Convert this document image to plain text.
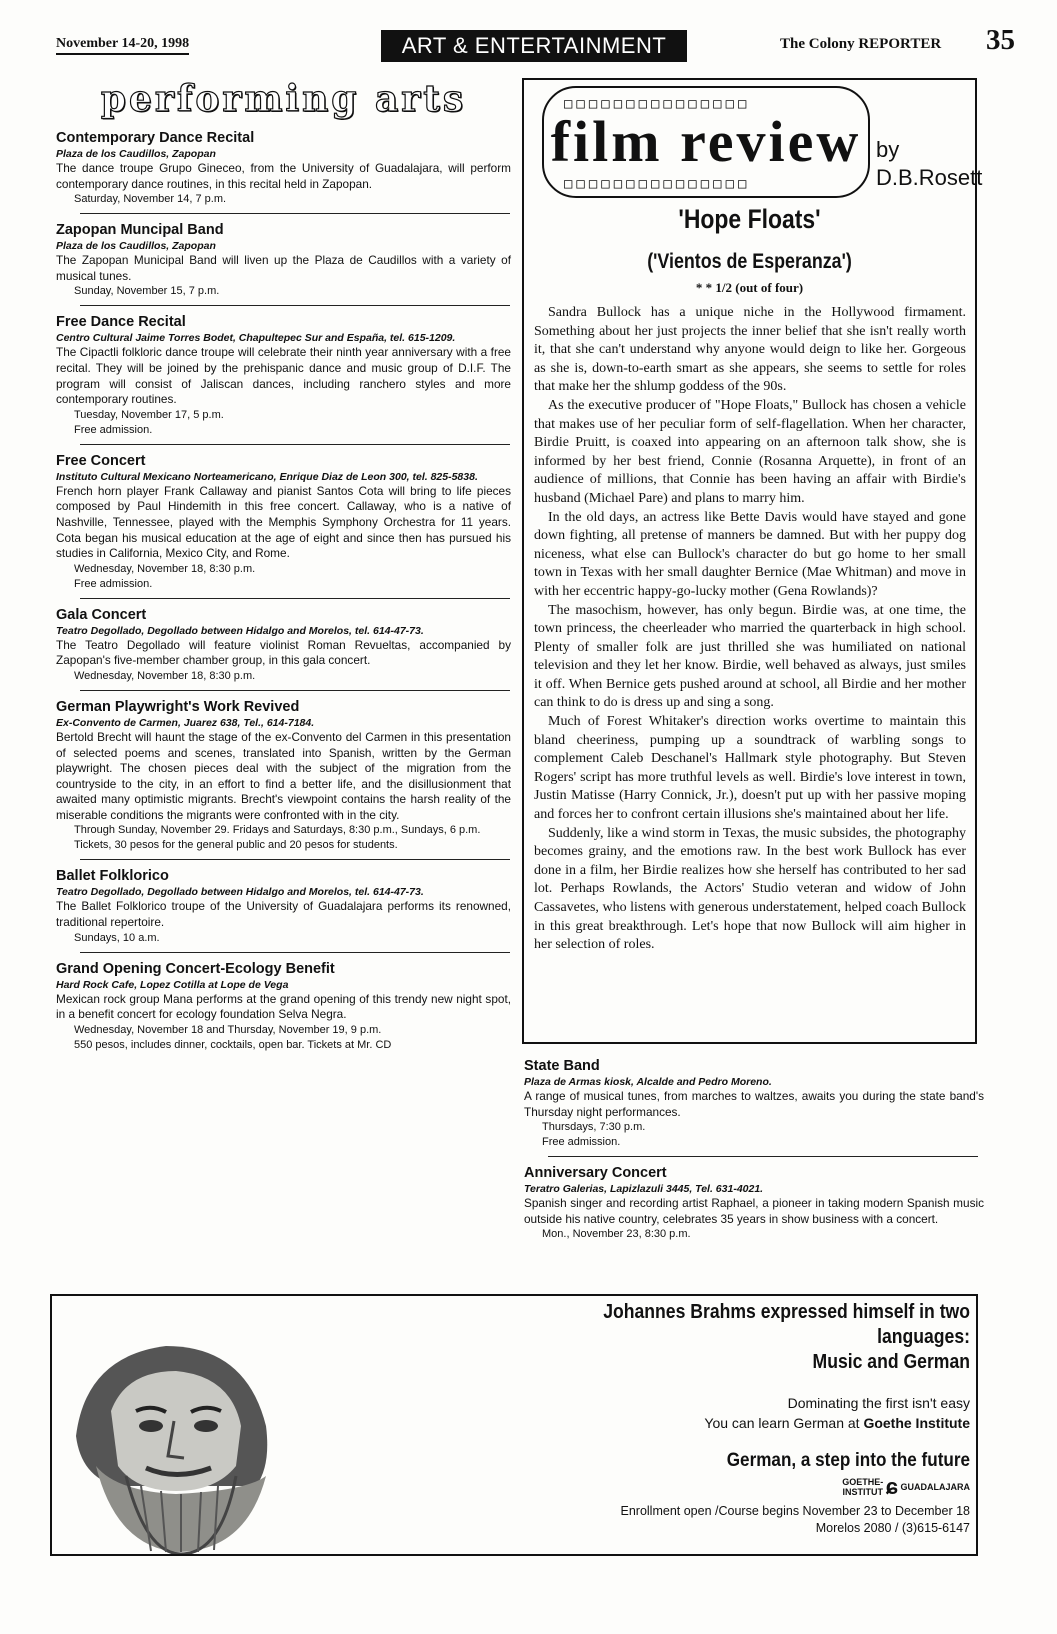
November 14-20, 1998	ART & ENTERTAINMENT	The Colony REPORTER 35
performing arts
Contemporary Dance Recital
Plaza de los Caudillos, Zapopan
The dance troupe Grupo Gineceo, from the University of Guadalajara, will perform contemporary dance routines, in this recital held in Zapopan.
Saturday, November 14, 7 p.m.
Zapopan Muncipal Band
Plaza de los Caudillos, Zapopan
The Zapopan Municipal Band will liven up the Plaza de Caudillos with a variety of musical tunes.
Sunday, November 15, 7 p.m.
Free Dance Recital
Centro Cultural Jaime Torres Bodet, Chapultepec Sur and España, tel. 615-1209.
The Cipactli folkloric dance troupe will celebrate their ninth year anniversary with a free recital. They will be joined by the prehispanic dance and music group of D.I.F. The program will consist of Jaliscan dances, including ranchero styles and more contemporary routines.
Tuesday, November 17, 5 p.m.
Free admission.
Free Concert
Instituto Cultural Mexicano Norteamericano, Enrique Diaz de Leon 300, tel. 825-5838.
French horn player Frank Callaway and pianist Santos Cota will bring to life pieces composed by Paul Hindemith in this free concert. Callaway, who is a native of Nashville, Tennessee, played with the Memphis Symphony Orchestra for 11 years. Cota began his musical education at the age of eight and since then has pursued his studies in California, Mexico City, and Rome.
Wednesday, November 18, 8:30 p.m.
Free admission.
Gala Concert
Teatro Degollado, Degollado between Hidalgo and Morelos, tel. 614-47-73.
The Teatro Degollado will feature violinist Roman Revueltas, accompanied by Zapopan's five-member chamber group, in this gala concert.
Wednesday, November 18, 8:30 p.m.
German Playwright's Work Revived
Ex-Convento de Carmen, Juarez 638, Tel., 614-7184.
Bertold Brecht will haunt the stage of the ex-Convento del Carmen in this presentation of selected poems and scenes, translated into Spanish, written by the German playwright. The chosen pieces deal with the subject of the migration from the countryside to the city, in an effort to find a better life, and the disillusionment that awaited many optimistic migrants. Brecht's viewpoint contains the harsh reality of the miserable conditions the migrants were confronted with in the city.
Through Sunday, November 29. Fridays and Saturdays, 8:30 p.m., Sundays, 6 p.m.
Tickets, 30 pesos for the general public and 20 pesos for students.
Ballet Folklorico
Teatro Degollado, Degollado between Hidalgo and Morelos, tel. 614-47-73.
The Ballet Folklorico troupe of the University of Guadalajara performs its renowned, traditional repertoire.
Sundays, 10 a.m.
Grand Opening Concert-Ecology Benefit
Hard Rock Cafe, Lopez Cotilla at Lope de Vega
Mexican rock group Mana performs at the grand opening of this trendy new night spot, in a benefit concert for ecology foundation Selva Negra.
Wednesday, November 18 and Thursday, November 19, 9 p.m.
550 pesos, includes dinner, cocktails, open bar. Tickets at Mr. CD
□□□□□□□□□□□□□□□
film review
□□□□□□□□□□□□□□□
by
D.B.Rosett
'Hope Floats'
('Vientos de Esperanza')
* * 1/2 (out of four)

Sandra Bullock has a unique niche in the Hollywood firmament. Something about her just projects the inner belief that she isn't really worth it, that she can't understand why anyone would deign to like her. Gorgeous as she is, down-to-earth smart as she appears, she seems to settle for roles that make her the shlump goddess of the 90s.

As the executive producer of "Hope Floats," Bullock has chosen a vehicle that makes use of her peculiar form of self-flagellation. When her character, Birdie Pruitt, is coaxed into appearing on an afternoon talk show, she is informed by her best friend, Connie (Rosanna Arquette), in front of an audience of millions, that Connie has been having an affair with Birdie's husband (Michael Pare) and plans to marry him.

In the old days, an actress like Bette Davis would have stayed and gone down fighting, all pretense of manners be damned. But with her puppy dog niceness, what else can Bullock's character do but go home to her small town in Texas with her small daughter Bernice (Mae Whitman) and move in with her eccentric happy-go-lucky mother (Gena Rowlands)?

The masochism, however, has only begun. Birdie was, at one time, the town princess, the cheerleader who married the quarterback in high school. Plenty of smaller folk are just thrilled she was humiliated on national television and they let her know. Birdie, well behaved as always, just smiles it off. When Bernice gets pushed around at school, all Birdie and her mother can think to do is dress up and sing a song.

Much of Forest Whitaker's direction works overtime to maintain this bland cheeriness, pumping up a soundtrack of warbling songs to complement Caleb Deschanel's Hallmark style photography. But Steven Rogers' script has more truthful levels as well. Birdie's love interest in town, Justin Matisse (Harry Connick, Jr.), doesn't put up with her passive moping and forces her to confront certain illusions she's maintained about her life.

Suddenly, like a wind storm in Texas, the music subsides, the photography becomes grainy, and the emotions raw. In the best work Bullock has ever done in a film, her Birdie realizes how she herself has contributed to her sad lot. Perhaps Rowlands, the Actors' Studio veteran and widow of John Cassavetes, who listens with generous understatement, helped coach Bullock in this great breakthrough. Let's hope that now Bullock will aim higher in her selection of roles.

State Band
Plaza de Armas kiosk, Alcalde and Pedro Moreno.
A range of musical tunes, from marches to waltzes, awaits you during the state band's Thursday night performances.
Thursdays, 7:30 p.m.
Free admission.
Anniversary Concert
Teratro Galerias, Lapizlazuli 3445, Tel. 631-4021.
Spanish singer and recording artist Raphael, a pioneer in taking modern Spanish music outside his native country, celebrates 35 years in show business with a concert.
Mon., November 23, 8:30 p.m.
Johannes Brahms expressed himself in two languages:
Music and German
Dominating the first isn't easy
You can learn German at Goethe Institute
German, a step into the future
GOETHE-
INSTITUT ɕ GUADALAJARA
Enrollment open /Course begins November 23 to December 18
Morelos 2080 / (3)615-6147
